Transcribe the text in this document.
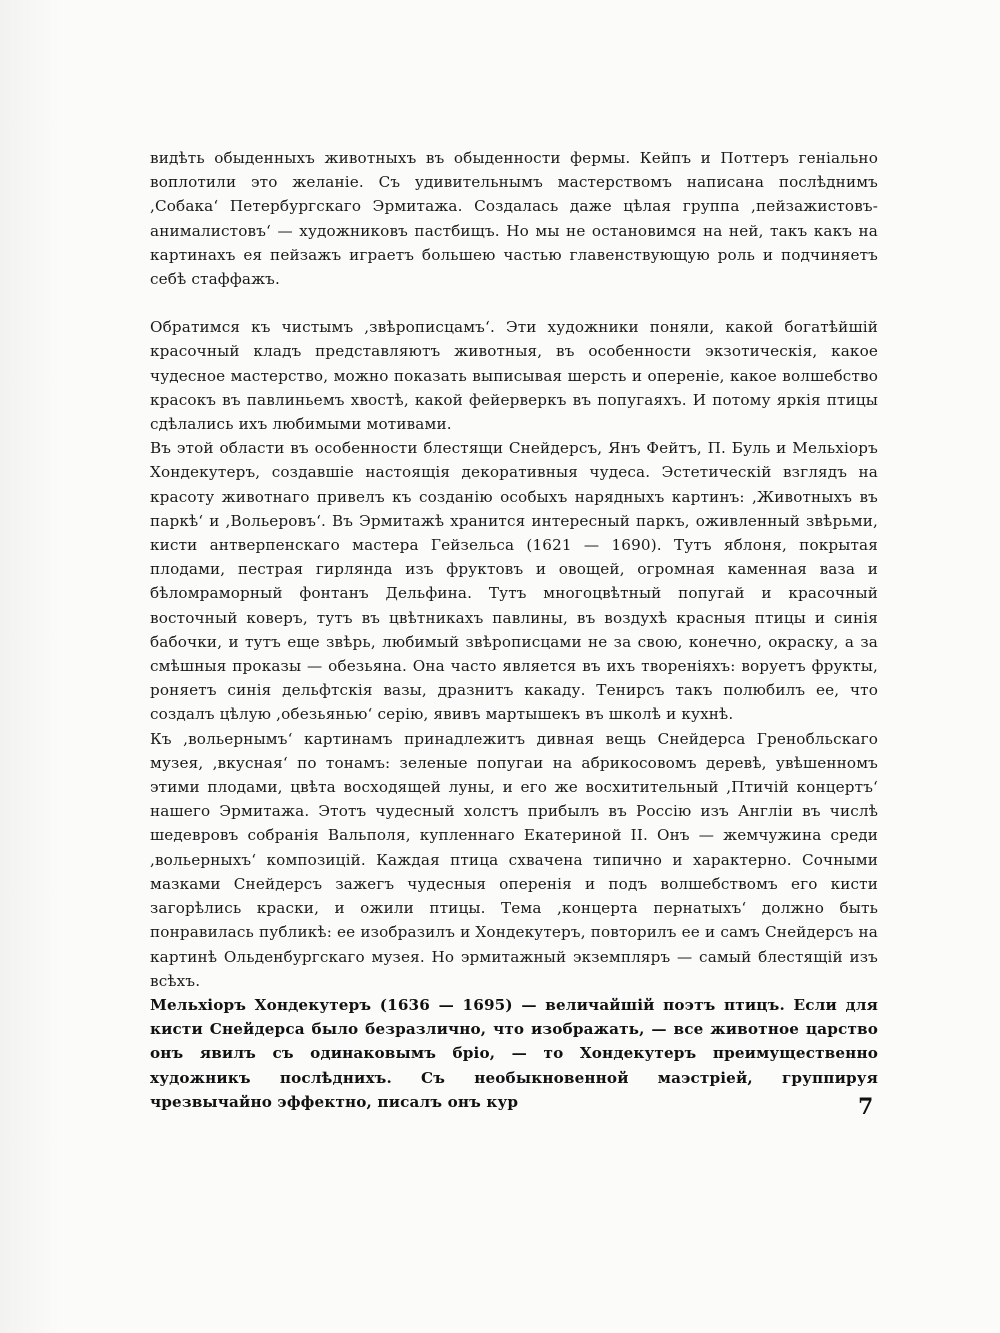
видѣть обыденныхъ животныхъ въ обыденности фермы. Кейпъ и Поттеръ геніально воплотили это желаніе. Съ удивительнымъ мастерствомъ написана послѣднимъ ,Собака‘ Петербургскаго Эрмитажа. Создалась даже цѣлая группа ,пейзажистовъ-анималистовъ‘ — художниковъ пастбищъ. Но мы не остановимся на ней, такъ какъ на картинахъ ея пейзажъ играетъ большею частью главенствующую роль и подчиняетъ себѣ стаффажъ.

Обратимся къ чистымъ ,звѣрописцамъ‘. Эти художники поняли, какой богатѣйшій красочный кладъ представляютъ животныя, въ особенности экзотическія, какое чудесное мастерство, можно показать выписывая шерсть и опереніе, какое волшебство красокъ въ павлиньемъ хвостѣ, какой фейерверкъ въ попугаяхъ. И потому яркія птицы сдѣлались ихъ любимыми мотивами.

Въ этой области въ особенности блестящи Снейдерсъ, Янъ Фейтъ, П. Буль и Мельхіоръ Хондекутеръ, создавшіе настоящія декоративныя чудеса. Эстетическій взглядъ на красоту животнаго привелъ къ созданію особыхъ нарядныхъ картинъ: ,Животныхъ въ паркѣ‘ и ,Вольеровъ‘. Въ Эрмитажѣ хранится интересный паркъ, оживленный звѣрьми, кисти антверпенскаго мастера Гейзельса (1621 — 1690). Тутъ яблоня, покрытая плодами, пестрая гирлянда изъ фруктовъ и овощей, огромная каменная ваза и бѣломраморный фонтанъ Дельфина. Тутъ многоцвѣтный попугай и красочный восточный коверъ, тутъ въ цвѣтникахъ павлины, въ воздухѣ красныя птицы и синія бабочки, и тутъ еще звѣрь, любимый звѣрописцами не за свою, конечно, окраску, а за смѣшныя проказы — обезьяна. Она часто является въ ихъ твореніяхъ: воруетъ фрукты, роняетъ синія дельфтскія вазы, дразнитъ какаду. Тенирсъ такъ полюбилъ ее, что создалъ цѣлую ,обезьянью‘ серію, явивъ мартышекъ въ школѣ и кухнѣ.

Къ ,вольернымъ‘ картинамъ принадлежитъ дивная вещь Снейдерса Гренобльскаго музея, ,вкусная‘ по тонамъ: зеленые попугаи на абрикосовомъ деревѣ, увѣшенномъ этими плодами, цвѣта восходящей луны, и его же восхитительный ,Птичій концертъ‘ нашего Эрмитажа. Этотъ чудесный холстъ прибылъ въ Россію изъ Англіи въ числѣ шедевровъ собранія Вальполя, купленнаго Екатериной II. Онъ — жемчужина среди ,вольерныхъ‘ композицій. Каждая птица схвачена типично и характерно. Сочными мазками Снейдерсъ зажегъ чудесныя оперенія и подъ волшебствомъ его кисти загорѣлись краски, и ожили птицы. Тема ,концерта пернатыхъ‘ должно быть понравилась публикѣ: ее изобразилъ и Хондекутеръ, повторилъ ее и самъ Снейдерсъ на картинѣ Ольденбургскаго музея. Но эрмитажный экземпляръ — самый блестящій изъ всѣхъ.

Мельхіоръ Хондекутеръ (1636 — 1695) — величайшій поэтъ птицъ. Если для кисти Снейдерса было безразлично, что изображать, — все животное царство онъ явилъ съ одинаковымъ бріо, — то Хондекутеръ преимущественно художникъ послѣднихъ. Съ необыкновенной маэстріей, группируя чрезвычайно эффектно, писалъ онъ кур	7
